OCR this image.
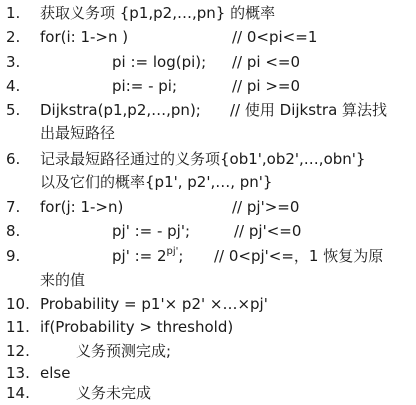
1. 获取义务项 {p1,p2,…,pn} 的概率
2. for(i: 1->n )	// 0<pi<=1
3.	pi := log(pi); // pi <=0
4.	pi:= - pi;	// pi >=0
5. Dijkstra(p1,p2,…,pn); // 使用 Dijkstra 算法找
出最短路径
6. 记录最短路径通过的义务项{ob1',ob2',…,obn'}
以及它们的概率{p1', p2',…, pn'}
7. for(j: 1->n)	// pj'>=0
8.	pj' := - pj';	// pj'<=0
9.	pj' := $2^{pj'}$; // 0<pj'<=，1 恢复为原
来的值
10. Probability = p1'× p2' ×…×pj'
11. if(Probability > threshold)
12.	义务预测完成;
13. else
14.	义务未完成
